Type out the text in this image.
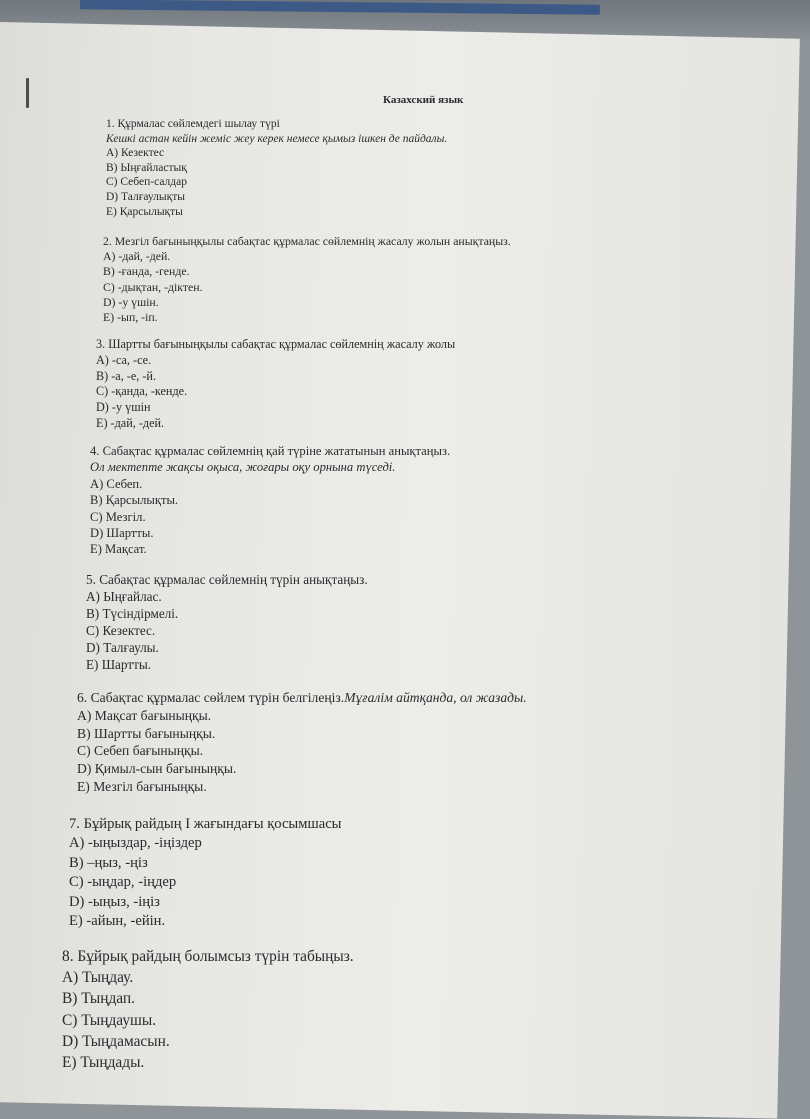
Казахский язык
1. Құрмалас сөйлемдегі шылау түрі
Кешкі астан кейін жеміс жеу керек немесе қымыз ішкен де пайдалы.
A) Кезектес
B) Ыңғайластық
C) Себеп-салдар
D) Талғаулықты
E) Қарсылықты
2. Мезгіл бағыныңқылы сабақтас құрмалас сөйлемнің жасалу жолын анықтаңыз.
A) -дай, -дей.
B) -ғанда, -генде.
C) -дықтан, -діктен.
D) -у үшін.
E) -ып, -іп.
3. Шартты бағыныңқылы сабақтас құрмалас сөйлемнің жасалу жолы
A) -са, -се.
B) -а, -е, -й.
C) -қанда, -кенде.
D) -у үшін
E) -дай, -дей.
4. Сабақтас құрмалас сөйлемнің қай түріне жататынын анықтаңыз.
Ол мектепте жақсы оқыса, жоғары оқу орнына түседі.
A) Себеп.
B) Қарсылықты.
C) Мезгіл.
D) Шартты.
E) Мақсат.
5. Сабақтас құрмалас сөйлемнің түрін анықтаңыз.
A) Ыңғайлас.
B) Түсіндірмелі.
C) Кезектес.
D) Талғаулы.
E) Шартты.
6. Сабақтас құрмалас сөйлем түрін белгілеңіз.Мұғалім айтқанда, ол жазады.
A) Мақсат бағыныңқы.
B) Шартты бағыныңқы.
C) Себеп бағыныңқы.
D) Қимыл-сын бағыныңқы.
E) Мезгіл бағыныңқы.
7. Бұйрық райдың І жағындағы қосымшасы
A) -ыңыздар, -іңіздер
B) –ңыз, -ңіз
C) -ыңдар, -іңдер
D) -ыңыз, -іңіз
E) -айын, -ейін.
8. Бұйрық райдың болымсыз түрін табыңыз.
A) Тыңдау.
B) Тыңдап.
C) Тыңдаушы.
D) Тыңдамасын.
E) Тыңдады.
